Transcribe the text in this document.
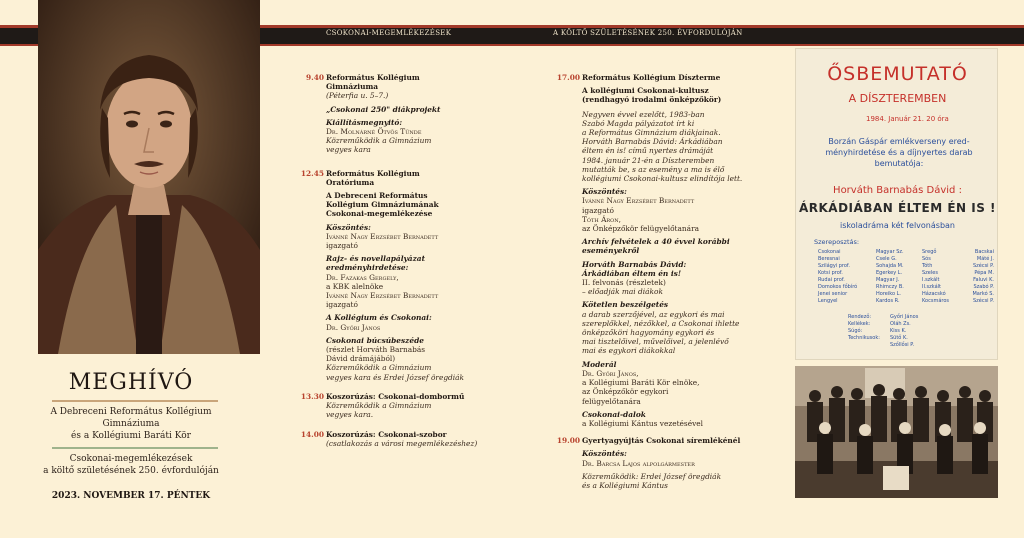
CSOKONAI-MEGEMLÉKEZÉSEK	A KÖLTŐ SZÜLETÉSÉNEK 250. ÉVFORDULÓJÁN
MEGHÍVÓ
A Debreceni Református Kollégium
Gimnáziuma
és a Kollégiumi Baráti Kör
Csokonai-megemlékezések
a költő születésének 250. évfordulóján
2023. NOVEMBER 17. PÉNTEK
9.40 Református Kollégium
Gimnáziuma
(Péterfia u. 5–7.)
„Csokonai 250" diákprojekt
Kiállításmegnyitó:
Dr. Molnárné Ötvös Tünde
Közreműködik a Gimnázium
vegyes kara
12.45 Református Kollégium
Oratóriuma
A Debreceni Református
Kollégium Gimnáziumának
Csokonai-megemlékezése
Köszöntés:
Ivánné Nagy Erzsébet Bernadett
igazgató
Rajz- és novellapályázat
eredményhirdetése:
Dr. Fazakas Gergely,
a KBK alelnöke
Ivánné Nagy Erzsébet Bernadett
igazgató
A Kollégium és Csokonai:
Dr. Győri János
Csokonai búcsúbeszéde
(részlet Horváth Barnabás
Dávid drámájából)
Közreműködik a Gimnázium
vegyes kara és Erdei József öregdiák
13.30 Koszorúzás: Csokonai-dombormű
Közreműködik a Gimnázium
vegyes kara.
14.00 Koszorúzás: Csokonai-szobor
(csatlakozás a városi megemlékezéshez)
17.00 Református Kollégium Díszterme
A kollégiumi Csokonai-kultusz
(rendhagyó irodalmi önképzőkör)
Negyven évvel ezelőtt, 1983-ban
Szabó Magda pályázatot írt ki
a Református Gimnázium diákjainak.
Horváth Barnabás Dávid: Árkádiában
éltem én is! című nyertes drámáját
1984. január 21-én a Díszteremben
mutatták be, s az esemény a ma is élő
kollégiumi Csokonai-kultusz elindítója lett.
Köszöntés:
Ivánné Nagy Erzsébet Bernadett
igazgató
Tóth Áron,
az Önképzőkör felügyelőtanára
Archív felvételek a 40 évvel korábbi
eseményekről
Horváth Barnabás Dávid:
Árkádiában éltem én is!
II. felvonás (részletek)
– előadják mai diákok
Kötetlen beszélgetés
a darab szerzőjével, az egykori és mai
szereplőkkel, nézőkkel, a Csokonai ihlette
önképzőköri hagyomány egykori és
mai tisztelőivel, művelőivel, a jelenlévő
mai és egykori diákokkal
Moderál
Dr. Győri János,
a Kollégiumi Baráti Kör elnöke,
az Önképzőkör egykori
felügyelőtanára
Csokonai-dalok
a Kollégiumi Kántus vezetésével
19.00 Gyertyagyújtás Csokonai síremlékénél
Köszöntés:
Dr. Barcsa Lajos alpolgármester
Közreműködik: Erdei József öregdiák
és a Kollégiumi Kántus
ŐSBEMUTATÓ
A DÍSZTEREMBEN
1984. Január 21. 20 óra
Borzán Gáspár emlékverseny ered-
ményhirdetése és a díjnyertes darab
bemutatója:
Horváth Barnabás Dávid :
ÁRKÁDIÁBAN ÉLTEM ÉN IS !
iskoladráma két felvonásban
Szereposztás:
Csokonai	Magyar Sz.	Sregő	Bacskai
Beresnai	Csele G.	Sós	Máté J.
Szilágyi prof.	Sohajda M.	Tóth	Szécsi P.
Kotsi prof.	Egerkey L.	Szeles	Pépa M.
Rudai prof.	Magyar J.	I.szkált	Faluvi K.
Domokos főbíró	Rhimczy B.	II.szkált	Szabó P.
Jenei senior	Horeiko L.	Házacskó	Markó S.
Lengyel	Kardos R.	Kocsmáros	Szécsi P.
Rendező:	Győri János
Kellékek:	Oláh Zs.
Súgó:	Kiss K.
Technikusok:	Sütő K.
Szőllősi P.
